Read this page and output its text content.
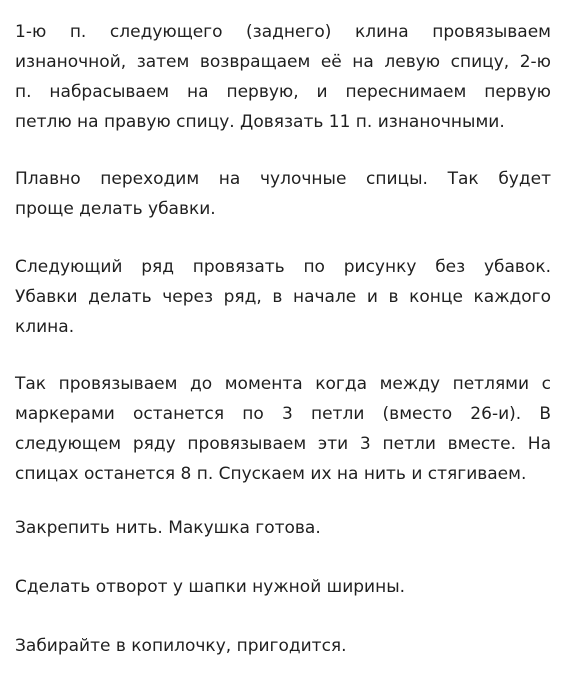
1-ю п. следующего (заднего) клина провязываем
изнаночной, затем возвращаем её на левую спицу, 2-ю
п. набрасываем на первую, и переснимаем первую
петлю на правую спицу. Довязать 11 п. изнаночными.
Плавно переходим на чулочные спицы. Так будет
проще делать убавки.
Следующий ряд провязать по рисунку без убавок.
Убавки делать через ряд, в начале и в конце каждого
клина.
Так провязываем до момента когда между петлями с
маркерами останется по 3 петли (вместо 26-и). В
следующем ряду провязываем эти 3 петли вместе. На
спицах останется 8 п. Спускаем их на нить и стягиваем.
Закрепить нить. Макушка готова.
Сделать отворот у шапки нужной ширины.
Забирайте в копилочку, пригодится.
